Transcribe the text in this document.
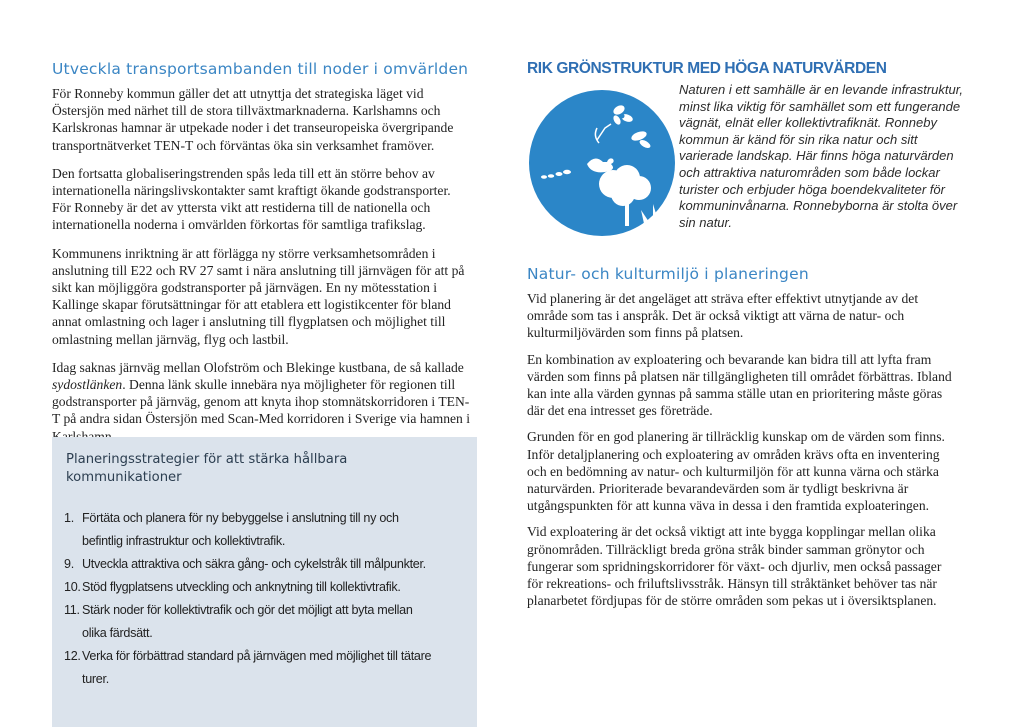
Utveckla transportsambanden till noder i omvärlden

För Ronneby kommun gäller det att utnyttja det strategiska läget vid Östersjön med närhet till de stora tillväxtmarknaderna. Karlshamns och Karlskronas hamnar är utpekade noder i det transeuropeiska övergripande transportnätverket TEN-T och förväntas öka sin verksamhet framöver.

Den fortsatta globaliseringstrenden spås leda till ett än större behov av internationella näringslivskontakter samt kraftigt ökande godstransporter. För Ronneby är det av yttersta vikt att restiderna till de nationella och internationella noderna i omvärlden förkortas för samtliga trafikslag.

Kommunens inriktning är att förlägga ny större verksamhetsområden i anslutning till E22 och RV 27 samt i nära anslutning till järnvägen för att på sikt kan möjliggöra godstransporter på järnvägen. En ny mötesstation i Kallinge skapar förutsättningar för att etablera ett logistikcenter för bland annat omlastning och lager i anslutning till flygplatsen och möjlighet till omlastning mellan järnväg, flyg och lastbil.

Idag saknas järnväg mellan Olofström och Blekinge kustbana, de så kallade sydostlänken. Denna länk skulle innebära nya möjligheter för regionen till godstransporter på järnväg, genom att knyta ihop stomnätskorridoren i TEN-T på andra sidan Östersjön med Scan-Med korridoren i Sverige via hamnen i

Planeringsstrategier för att stärka hållbara kommunikationer
1. Förtäta och planera för ny bebyggelse i anslutning till ny och befintlig infrastruktur och kollektivtrafik.
9. Utveckla attraktiva och säkra gång- och cykelstråk till målpunkter.
10. Stöd flygplatsens utveckling och anknytning till kollektivtrafik.
11. Stärk noder för kollektivtrafik och gör det möjligt att byta mellan olika färdsätt.
12. Verka för förbättrad standard på järnvägen med möjlighet till tätare turer.
RIK GRÖNSTRUKTUR MED HÖGA NATURVÄRDEN
Naturen i ett samhälle är en levande infrastruktur, minst lika viktig för samhället som ett fungerande vägnät, elnät eller kollektivtrafiknät. Ronneby kommun är känd för sin rika natur och sitt varierade landskap. Här finns höga naturvärden och attraktiva naturområden som både lockar turister och erbjuder höga boendekvaliteter för kommuninvånarna. Ronnebyborna är stolta över sin natur.
Natur- och kulturmiljö i planeringen

Vid planering är det angeläget att sträva efter effektivt utnytjande av det område som tas i anspråk. Det är också viktigt att värna de natur- och kulturmiljövärden som finns på platsen.

En kombination av exploatering och bevarande kan bidra till att lyfta fram värden som finns på platsen när tillgängligheten till området förbättras. Ibland kan inte alla värden gynnas på samma ställe utan en prioritering måste göras där det ena intresset ges företräde.

Grunden för en god planering är tillräcklig kunskap om de värden som finns. Inför detaljplanering och exploatering av områden krävs ofta en inventering och en bedömning av natur- och kulturmiljön för att kunna värna och stärka naturvärden. Prioriterade bevarandevärden som är tydligt beskrivna är utgångspunkten för att kunna väva in dessa i den framtida exploateringen.

Vid exploatering är det också viktigt att inte bygga kopplingar mellan olika grönområden. Tillräckligt breda gröna stråk binder samman grönytor och fungerar som spridningskorridorer för växt- och djurliv, men också passager för rekreations- och friluftslivsstråk. Hänsyn till stråktänket behöver tas när planarbetet fördjupas för de större områden som pekas ut i översiktsplanen.
